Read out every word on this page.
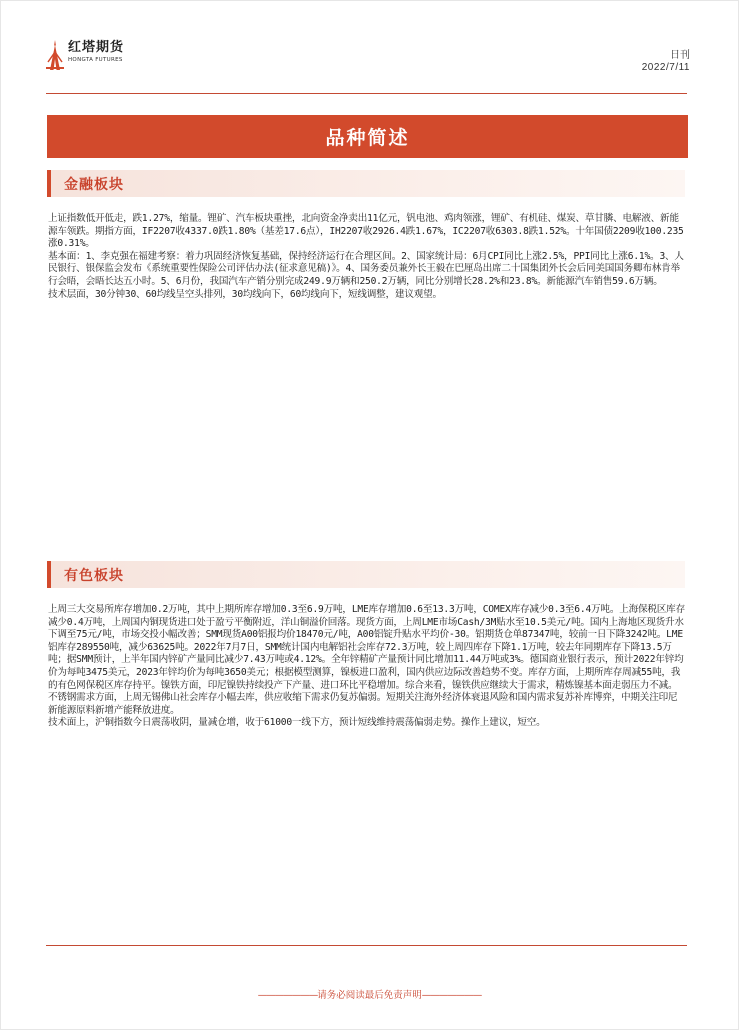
红塔期货
HONGTA FUTURES	日刊
2022/7/11
品种简述
金融板块

上证指数低开低走，跌1.27%，缩量。锂矿、汽车板块重挫，北向资金净卖出11亿元，钒电池、鸡肉领涨，锂矿、有机硅、煤炭、草甘膦、电解液、新能源车领跌。期指方面，IF2207收4337.0跌1.80%（基差17.6点），IH2207收2926.4跌1.67%，IC2207收6303.8跌1.52%。十年国债2209收100.235涨0.31%。

基本面：1、李克强在福建考察：着力巩固经济恢复基础，保持经济运行在合理区间。2、国家统计局：6月CPI同比上涨2.5%，PPI同比上涨6.1%。3、人民银行、银保监会发布《系统重要性保险公司评估办法(征求意见稿)》。4、国务委员兼外长王毅在巴厘岛出席二十国集团外长会后同美国国务卿布林肯举行会晤，会晤长达五小时。5、6月份，我国汽车产销分别完成249.9万辆和250.2万辆，同比分别增长28.2%和23.8%。新能源汽车销售59.6万辆。

技术层面，30分钟30、60均线呈空头排列，30均线向下，60均线向下，短线调整，建议观望。

有色板块

上周三大交易所库存增加0.2万吨，其中上期所库存增加0.3至6.9万吨，LME库存增加0.6至13.3万吨，COMEX库存减少0.3至6.4万吨。上海保税区库存减少0.4万吨，上周国内铜现货进口处于盈亏平衡附近，洋山铜溢价回落。现货方面，上周LME市场Cash/3M贴水至10.5美元/吨。国内上海地区现货升水下调至75元/吨，市场交投小幅改善；SMM现货A00铝报均价18470元/吨，A00铝锭升贴水平均价-30。铝期货仓单87347吨，较前一日下降3242吨。LME铝库存289550吨，减少63625吨。2022年7月7日，SMM统计国内电解铝社会库存72.3万吨，较上周四库存下降1.1万吨，较去年同期库存下降13.5万吨；据SMM预计，上半年国内锌矿产量同比减少7.43万吨或4.12%。全年锌精矿产量预计同比增加11.44万吨或3%。德国商业银行表示，预计2022年锌均价为每吨3475美元，2023年锌均价为每吨3650美元；根据模型测算，镍板进口盈利，国内供应边际改善趋势不变。库存方面，上期所库存周减55吨，我的有色网保税区库存持平。镍铁方面，印尼镍铁持续投产下产量、进口环比平稳增加。综合来看，镍铁供应继续大于需求，精炼镍基本面走弱压力不减。不锈钢需求方面，上周无锡佛山社会库存小幅去库，供应收缩下需求仍复苏偏弱。短期关注海外经济体衰退风险和国内需求复苏补库博弈，中期关注印尼新能源原料新增产能释放进度。

技术面上，沪铜指数今日震荡收阴，量减仓增，收于61000一线下方，预计短线维持震荡偏弱走势。操作上建议，短空。

———————请务必阅读最后免责声明———————
